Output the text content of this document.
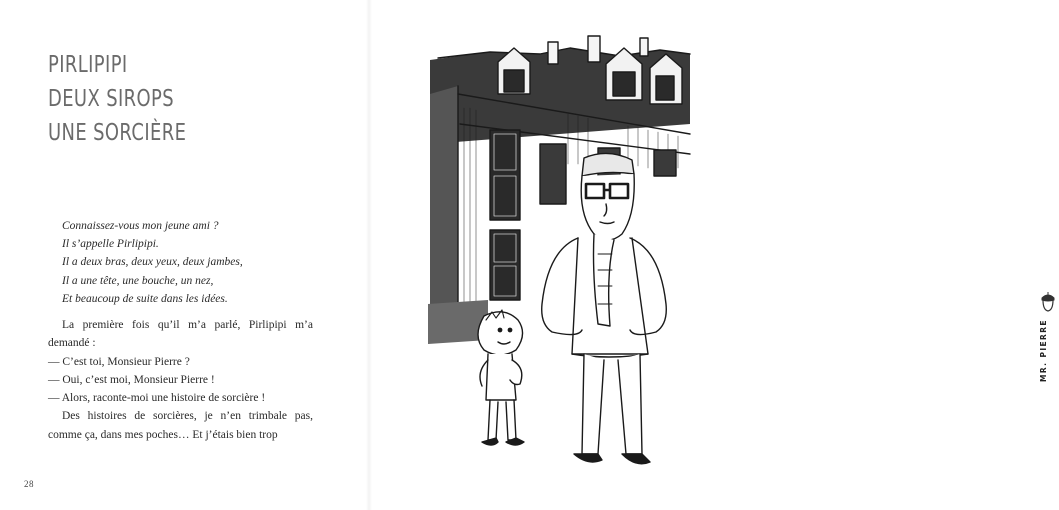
PIRLIPIPI
DEUX SIROPS
UNE SORCIÈRE
Connaissez-vous mon jeune ami ?
Il s’appelle Pirlipipi.
Il a deux bras, deux yeux, deux jambes,
Il a une tête, une bouche, un nez,
Et beaucoup de suite dans les idées.

La première fois qu’il m’a parlé, Pirlipipi m’a demandé :

— C’est toi, Monsieur Pierre ?

— Oui, c’est moi, Monsieur Pierre !

— Alors, raconte-moi une histoire de sorcière !

Des histoires de sorcières, je n’en trimbale pas, comme ça, dans mes poches… Et j’étais bien trop

28
MR. PIERRE
